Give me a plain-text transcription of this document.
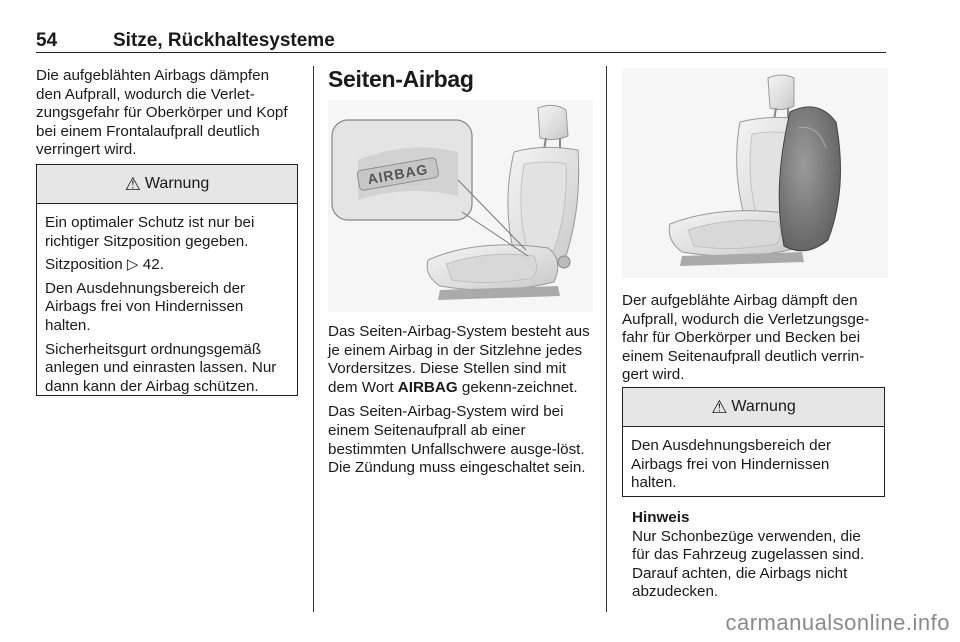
54	Sitze, Rückhaltesysteme
Die aufgeblähten Airbags dämpfen den Aufprall, wodurch die Verlet-zungsgefahr für Oberkörper und Kopf bei einem Frontalaufprall deutlich verringert wird.
⚠ Warnung

Ein optimaler Schutz ist nur bei richtiger Sitzposition gegeben.

Sitzposition ▷ 42.

Den Ausdehnungsbereich der Airbags frei von Hindernissen halten.

Sicherheitsgurt ordnungsgemäß anlegen und einrasten lassen. Nur dann kann der Airbag schützen.

Seiten-Airbag
AIRBAG

Das Seiten-Airbag-System besteht aus je einem Airbag in der Sitzlehne jedes Vordersitzes. Diese Stellen sind mit dem Wort AIRBAG gekenn-zeichnet.

Das Seiten-Airbag-System wird bei einem Seitenaufprall ab einer bestimmten Unfallschwere ausge-löst. Die Zündung muss eingeschaltet sein.

Der aufgeblähte Airbag dämpft den Aufprall, wodurch die Verletzungsge-fahr für Oberkörper und Becken bei einem Seitenaufprall deutlich verrin-gert wird.

⚠ Warnung

Den Ausdehnungsbereich der Airbags frei von Hindernissen halten.

Hinweis
Nur Schonbezüge verwenden, die für das Fahrzeug zugelassen sind. Darauf achten, die Airbags nicht abzudecken.
carmanualsonline.info
